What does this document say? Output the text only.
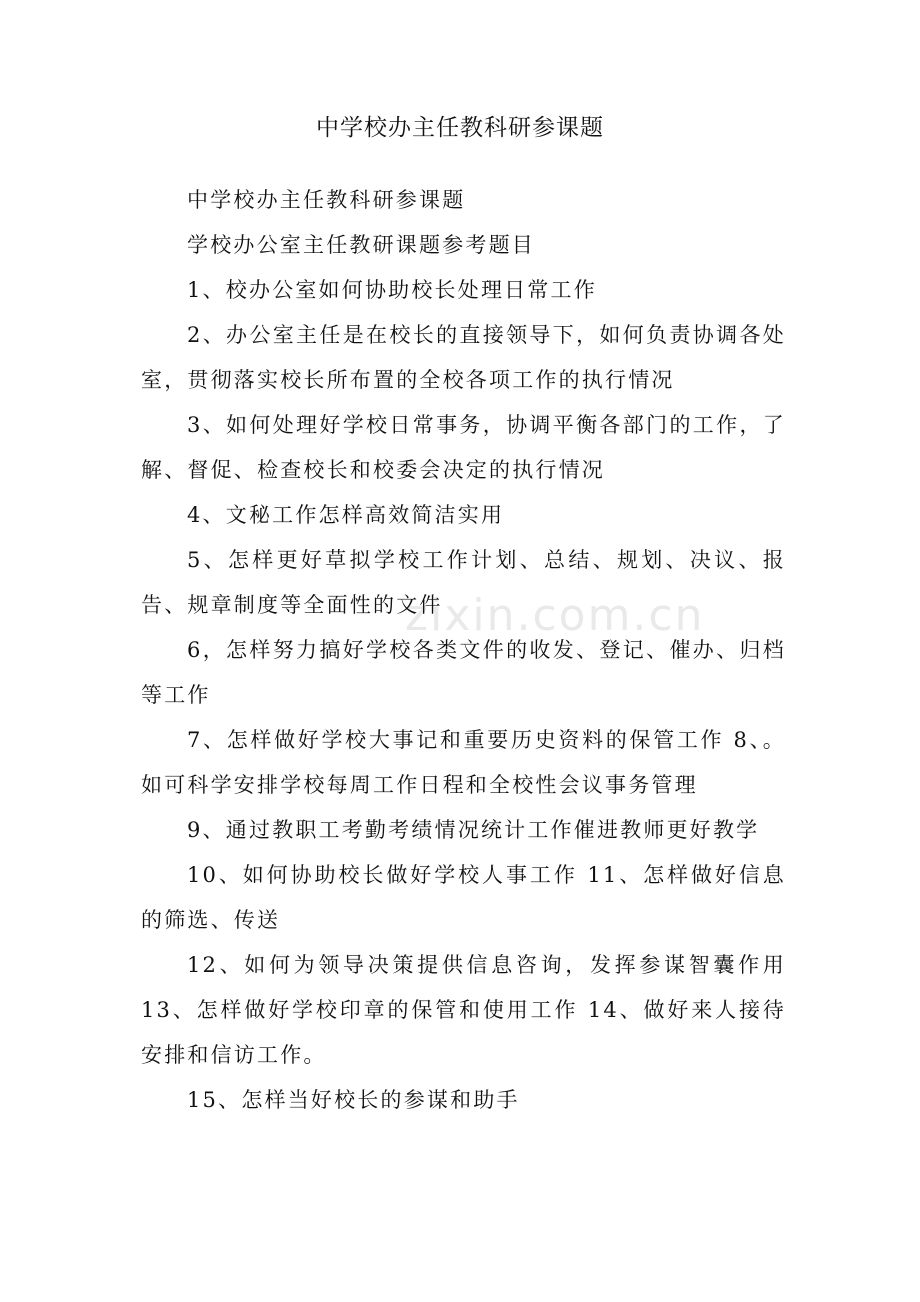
中学校办主任教科研参课题
zixin.com.cn

中学校办主任教科研参课题

学校办公室主任教研课题参考题目

1、校办公室如何协助校长处理日常工作

2、办公室主任是在校长的直接领导下，如何负责协调各处室，贯彻落实校长所布置的全校各项工作的执行情况

3、如何处理好学校日常事务，协调平衡各部门的工作，了解、督促、检查校长和校委会决定的执行情况

4、文秘工作怎样高效简洁实用

5、怎样更好草拟学校工作计划、总结、规划、决议、报告、规章制度等全面性的文件

6，怎样努力搞好学校各类文件的收发、登记、催办、归档等工作

7、怎样做好学校大事记和重要历史资料的保管工作 8、。如可科学安排学校每周工作日程和全校性会议事务管理

9、通过教职工考勤考绩情况统计工作催进教师更好教学

10、如何协助校长做好学校人事工作 11、怎样做好信息的筛选、传送

12、如何为领导决策提供信息咨询，发挥参谋智囊作用 13、怎样做好学校印章的保管和使用工作 14、做好来人接待安排和信访工作。

15、怎样当好校长的参谋和助手
